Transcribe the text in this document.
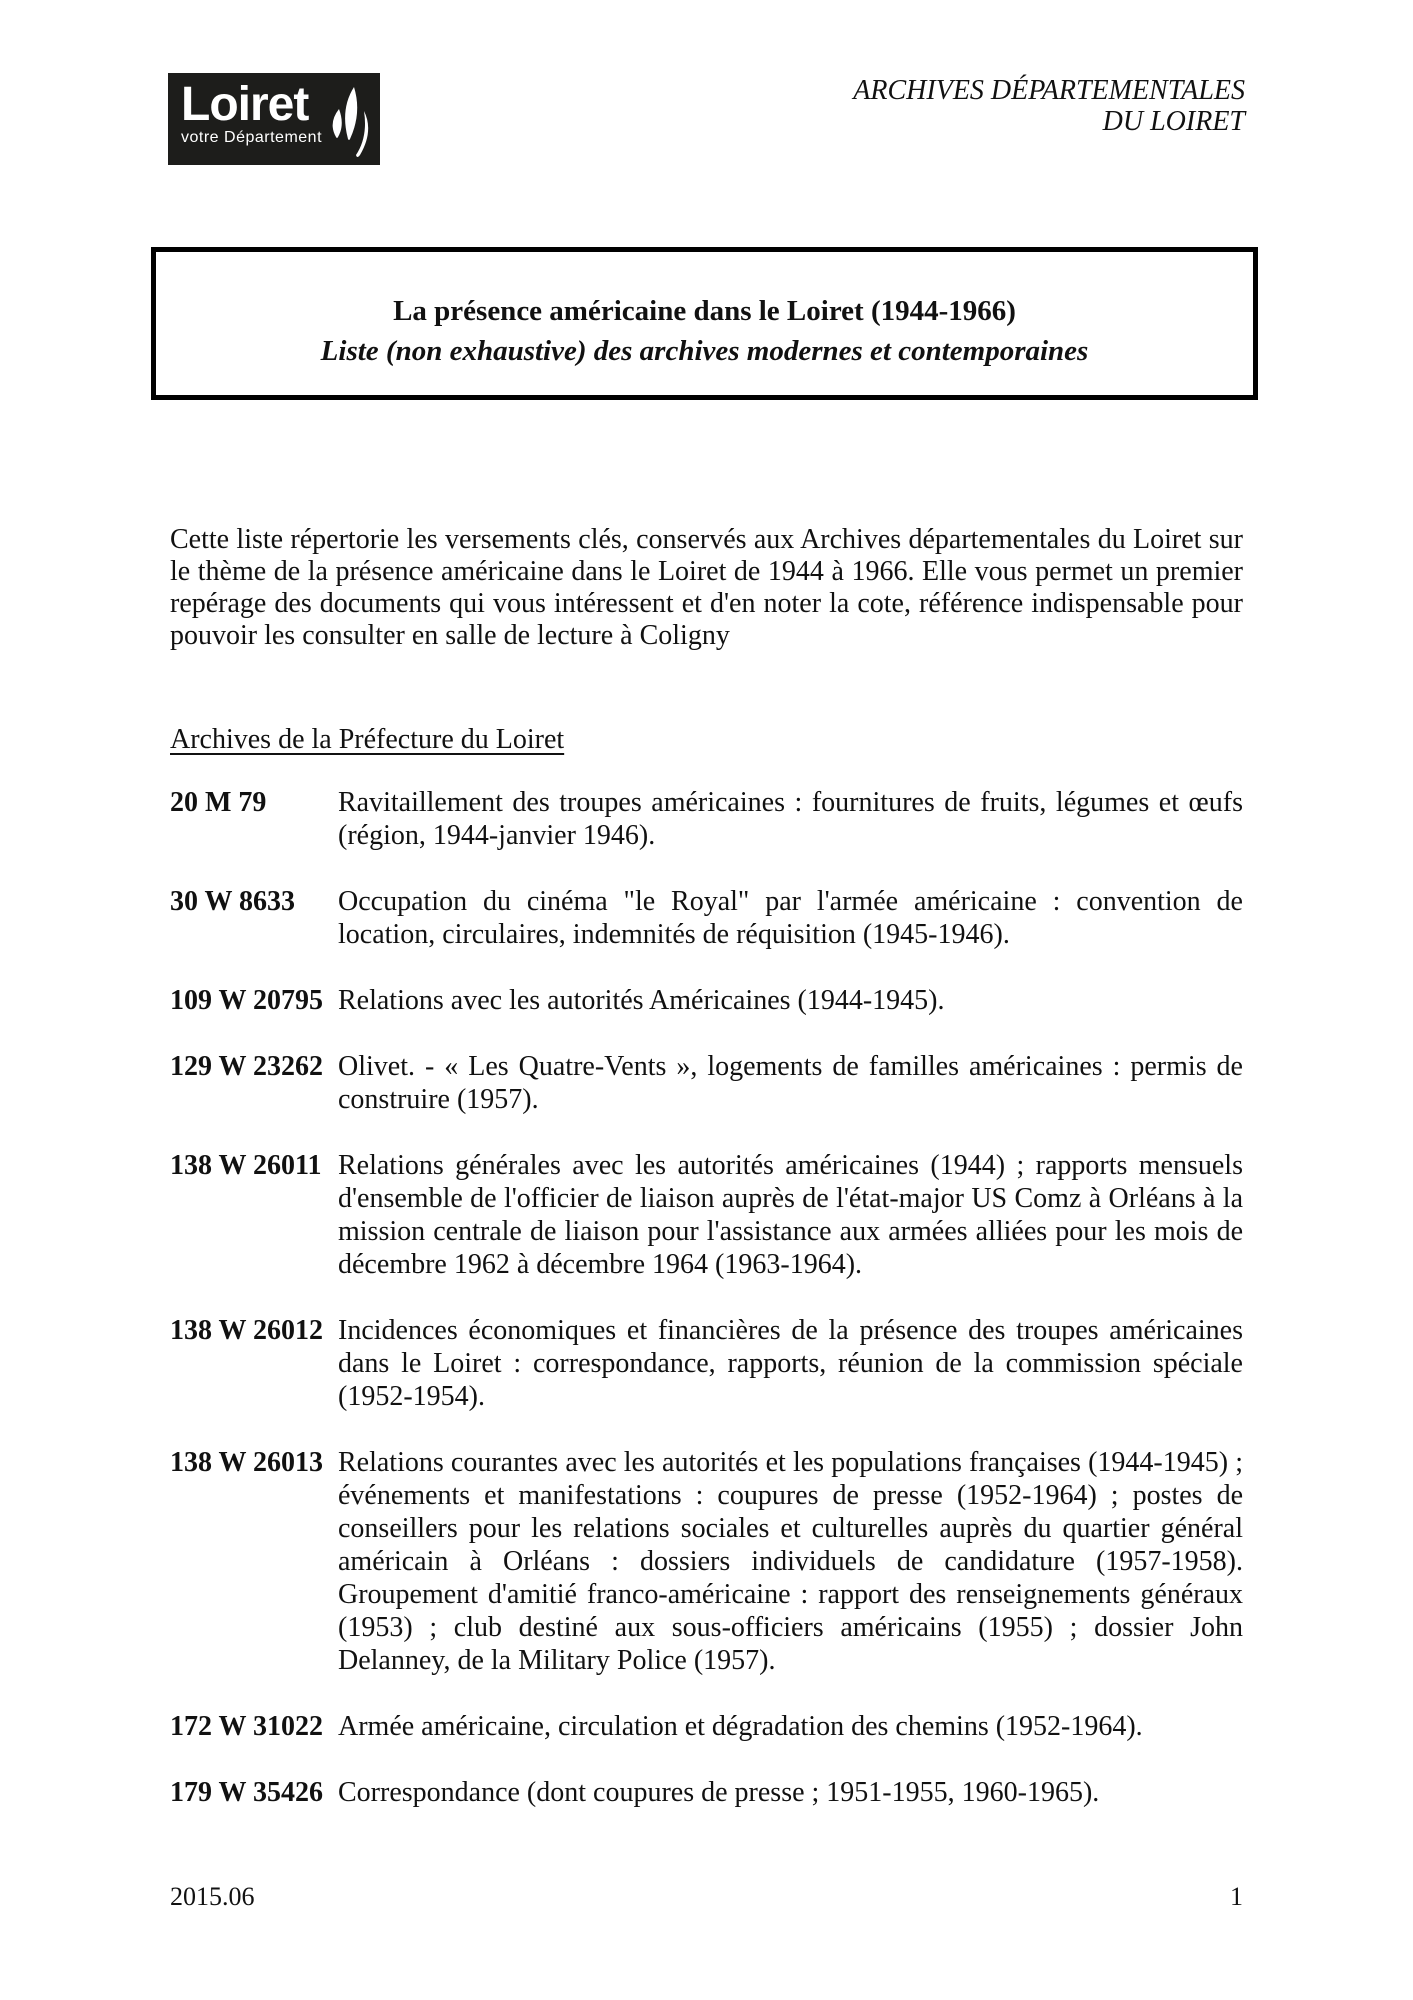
Loiret
votre Département
ARCHIVES DÉPARTEMENTALES
DU LOIRET
La présence américaine dans le Loiret (1944-1966)
Liste (non exhaustive) des archives modernes et contemporaines

Cette liste répertorie les versements clés, conservés aux Archives départementales du Loiret sur le thème de la présence américaine dans le Loiret de 1944 à 1966. Elle vous permet un premier repérage des documents qui vous intéressent et d'en noter la cote, référence indispensable pour pouvoir les consulter en salle de lecture à Coligny

Archives de la Préfecture du Loiret
20 M 79	Ravitaillement des troupes américaines : fournitures de fruits, légumes et œufs (région, 1944-janvier 1946).
30 W 8633	Occupation du cinéma "le Royal" par l'armée américaine : convention de location, circulaires, indemnités de réquisition (1945-1946).
109 W 20795 Relations avec les autorités Américaines (1944-1945).
129 W 23262 Olivet. - « Les Quatre-Vents », logements de familles américaines : permis de construire (1957).
138 W 26011 Relations générales avec les autorités américaines (1944) ; rapports mensuels d'ensemble de l'officier de liaison auprès de l'état-major US Comz à Orléans à la mission centrale de liaison pour l'assistance aux armées alliées pour les mois de décembre 1962 à décembre 1964 (1963-1964).
138 W 26012 Incidences économiques et financières de la présence des troupes américaines dans le Loiret : correspondance, rapports, réunion de la commission spéciale (1952-1954).
138 W 26013 Relations courantes avec les autorités et les populations françaises (1944-1945) ; événements et manifestations : coupures de presse (1952-1964) ; postes de conseillers pour les relations sociales et culturelles auprès du quartier général américain à Orléans : dossiers individuels de candidature (1957-1958). Groupement d'amitié franco-américaine : rapport des renseignements généraux (1953) ; club destiné aux sous-officiers américains (1955) ; dossier John Delanney, de la Military Police (1957).
172 W 31022 Armée américaine, circulation et dégradation des chemins (1952-1964).
179 W 35426 Correspondance (dont coupures de presse ; 1951-1955, 1960-1965).
2015.06	1
